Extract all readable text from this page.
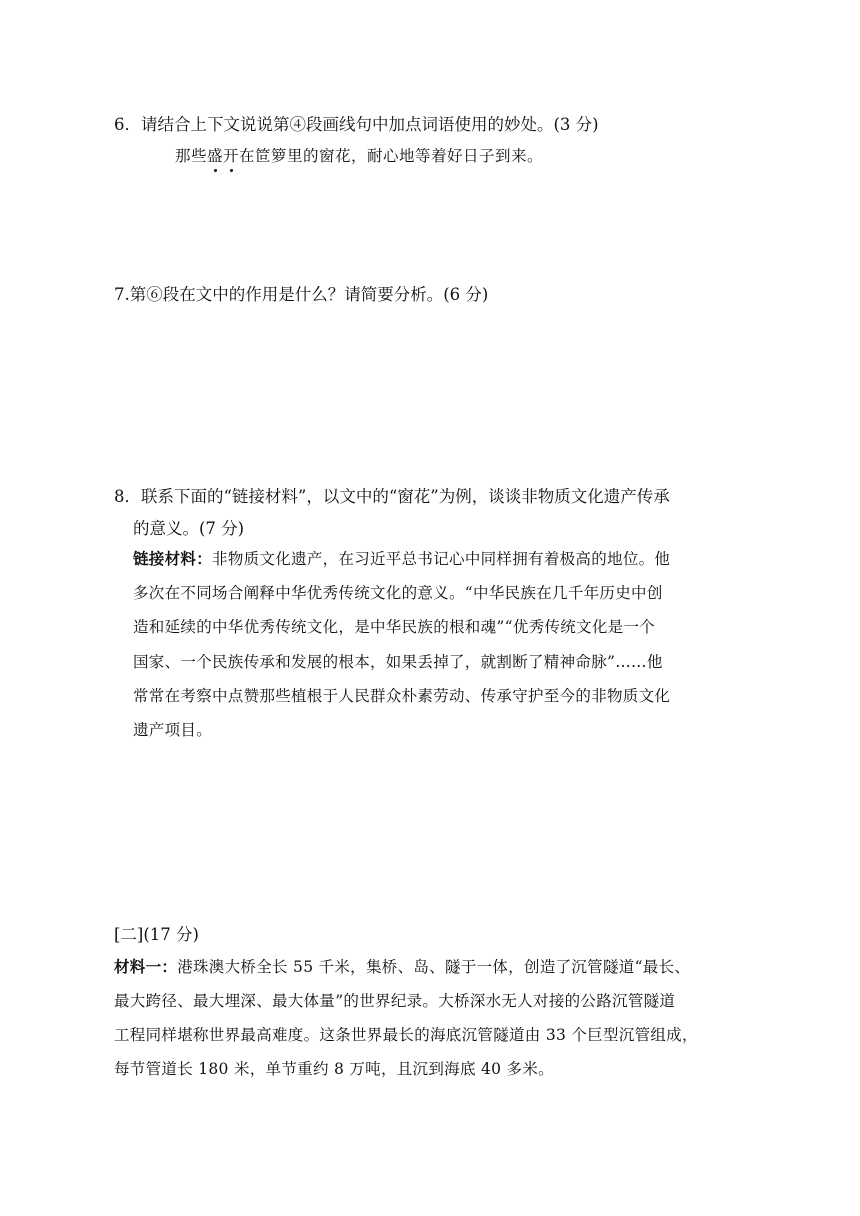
6．请结合上下文说说第④段画线句中加点词语使用的妙处。(3 分)
那些盛
开
在笸箩里的窗花，耐心地等着好日子到来。
7.第⑥段在文中的作用是什么？请简要分析。(6 分)
8．联系下面的“链接材料”，以文中的“窗花”为例，谈谈非物质文化遗产传承
的意义。(7 分)
链接材料：非物质文化遗产，在习近平总书记心中同样拥有着极高的地位。他
多次在不同场合阐释中华优秀传统文化的意义。“中华民族在几千年历史中创
造和延续的中华优秀传统文化，是中华民族的根和魂”“优秀传统文化是一个
国家、一个民族传承和发展的根本，如果丢掉了，就割断了精神命脉”……他
常常在考察中点赞那些植根于人民群众朴素劳动、传承守护至今的非物质文化
遗产项目。
[二](17 分)
材料一：港珠澳大桥全长 55 千米，集桥、岛、隧于一体，创造了沉管隧道“最长、
最大跨径、最大埋深、最大体量”的世界纪录。大桥深水无人对接的公路沉管隧道
工程同样堪称世界最高难度。这条世界最长的海底沉管隧道由 33 个巨型沉管组成，
每节管道长 180 米，单节重约 8 万吨，且沉到海底 40 多米。
